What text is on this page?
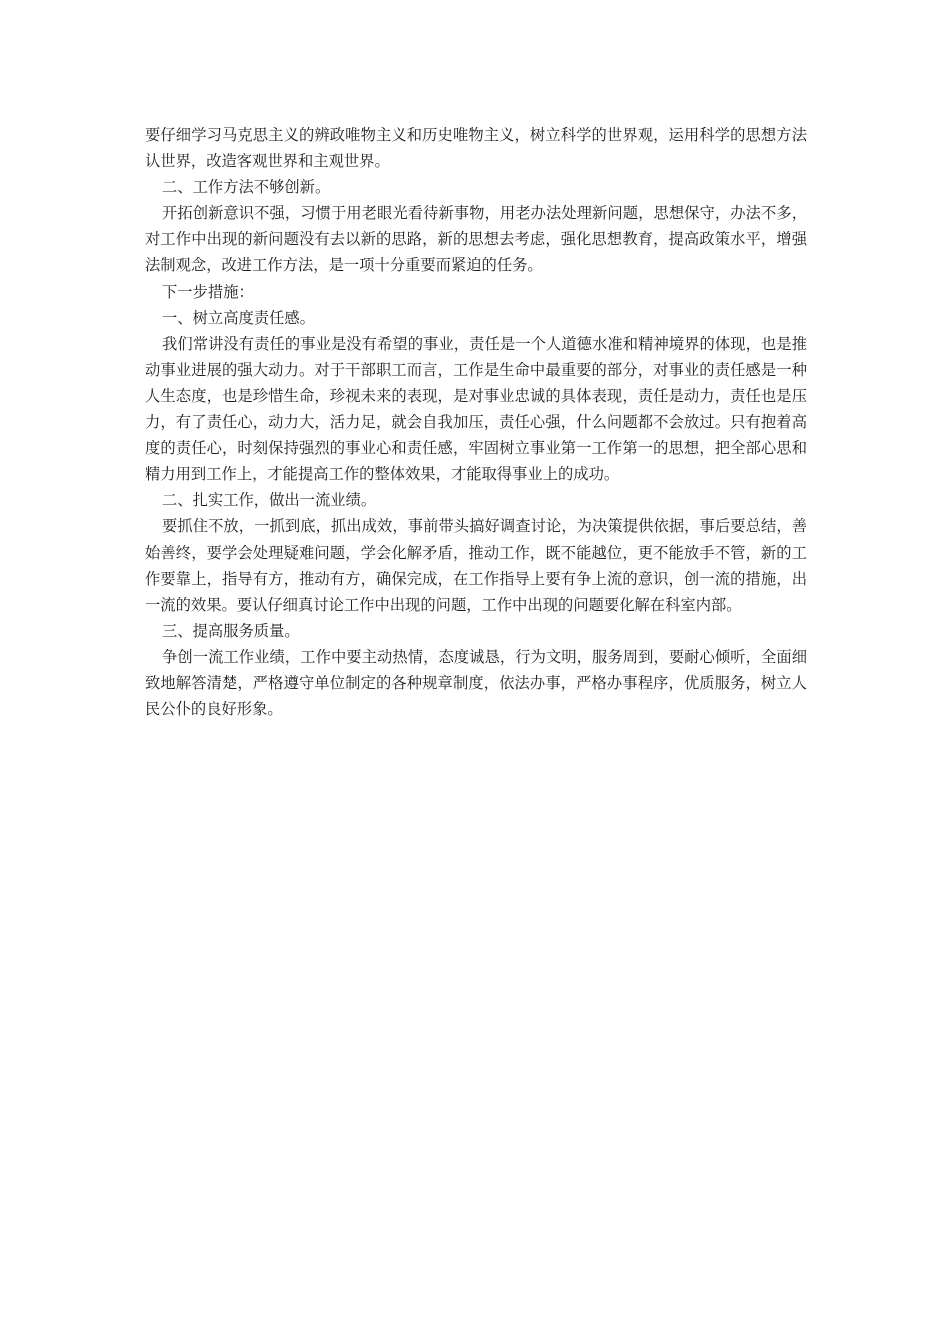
要仔细学习马克思主义的辨政唯物主义和历史唯物主义，树立科学的世界观，运用科学的思想方法认世界，改造客观世界和主观世界。

二、工作方法不够创新。

开拓创新意识不强，习惯于用老眼光看待新事物，用老办法处理新问题，思想保守，办法不多，对工作中出现的新问题没有去以新的思路，新的思想去考虑，强化思想教育，提高政策水平，增强法制观念，改进工作方法，是一项十分重要而紧迫的任务。

下一步措施：

一、树立高度责任感。

我们常讲没有责任的事业是没有希望的事业，责任是一个人道德水准和精神境界的体现，也是推动事业进展的强大动力。对于干部职工而言，工作是生命中最重要的部分，对事业的责任感是一种人生态度，也是珍惜生命，珍视未来的表现，是对事业忠诚的具体表现，责任是动力，责任也是压力，有了责任心，动力大，活力足，就会自我加压，责任心强，什么问题都不会放过。只有抱着高度的责任心，时刻保持强烈的事业心和责任感，牢固树立事业第一工作第一的思想，把全部心思和精力用到工作上，才能提高工作的整体效果，才能取得事业上的成功。

二、扎实工作，做出一流业绩。

要抓住不放，一抓到底，抓出成效，事前带头搞好调查讨论，为决策提供依据，事后要总结，善始善终，要学会处理疑难问题，学会化解矛盾，推动工作，既不能越位，更不能放手不管，新的工作要靠上，指导有方，推动有方，确保完成，在工作指导上要有争上流的意识，创一流的措施，出一流的效果。要认仔细真讨论工作中出现的问题，工作中出现的问题要化解在科室内部。

三、提高服务质量。

争创一流工作业绩，工作中要主动热情，态度诚恳，行为文明，服务周到，要耐心倾听，全面细致地解答清楚，严格遵守单位制定的各种规章制度，依法办事，严格办事程序，优质服务，树立人民公仆的良好形象。
